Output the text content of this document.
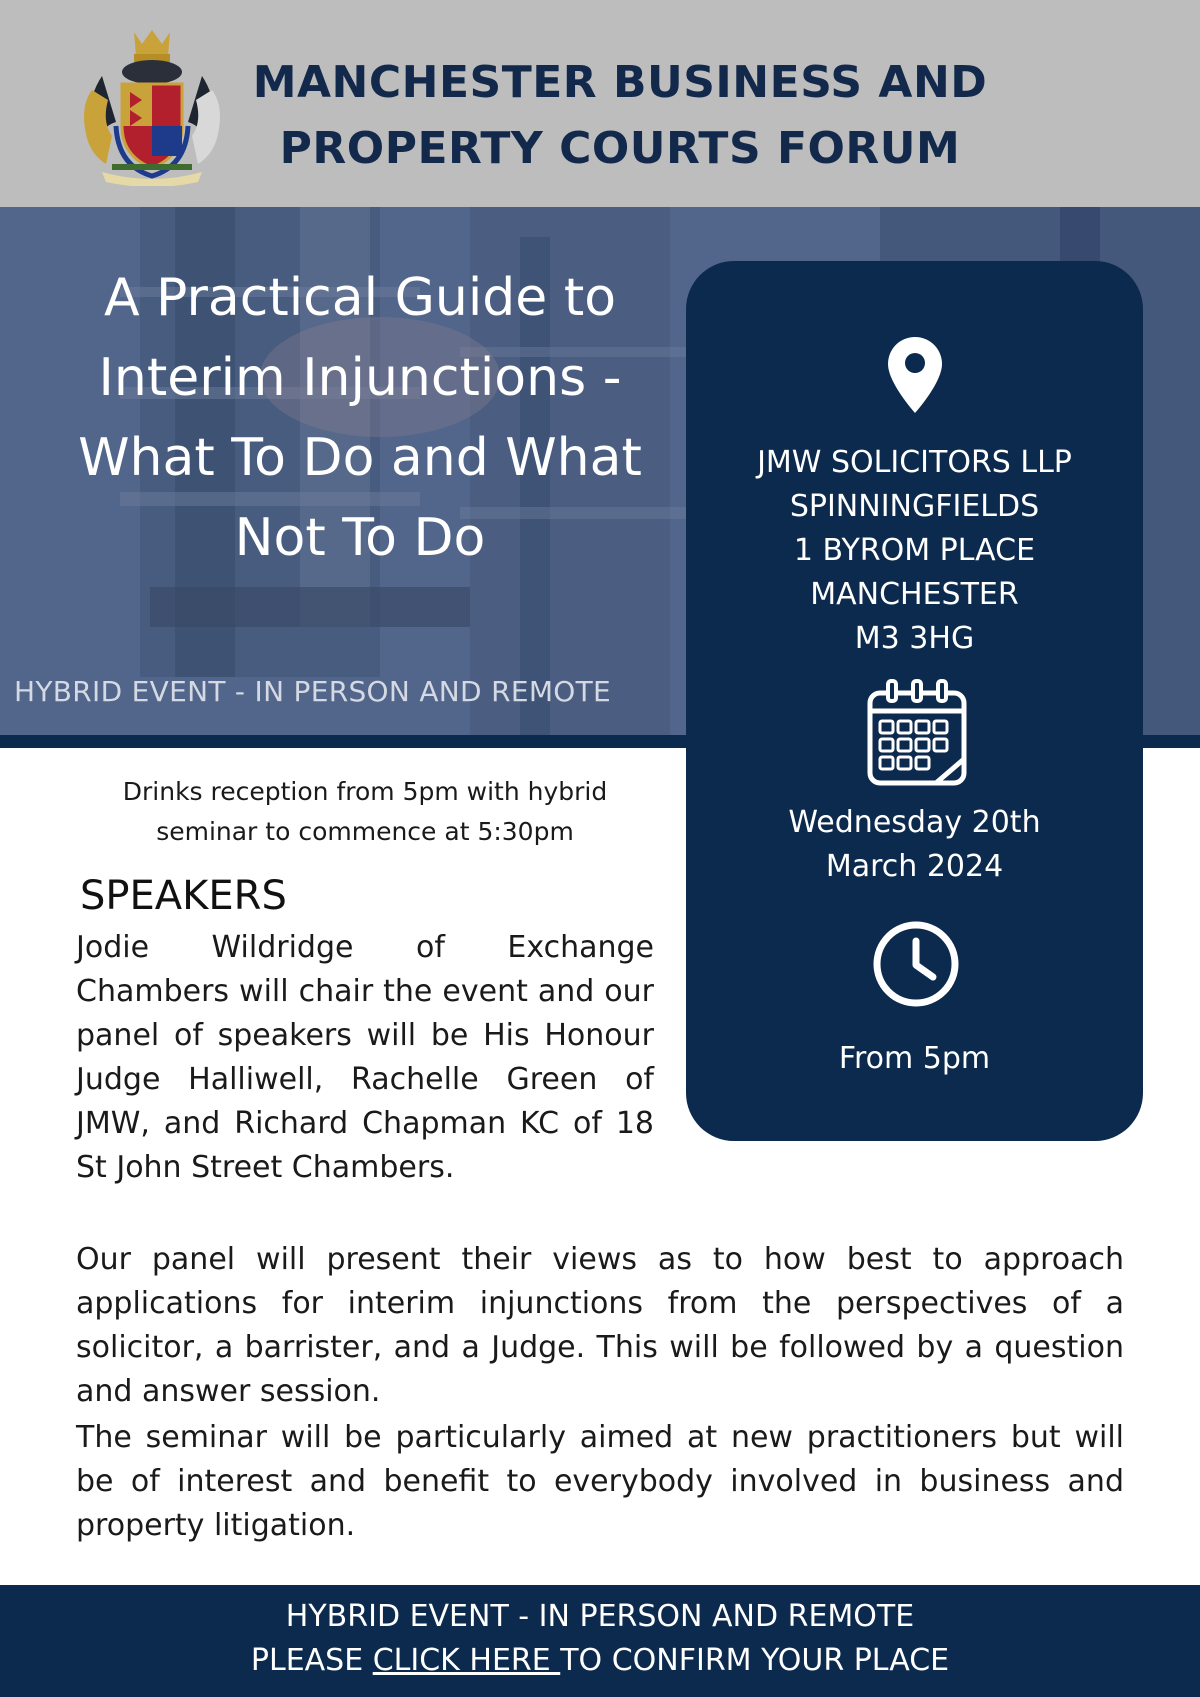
MANCHESTER BUSINESS AND
PROPERTY COURTS FORUM
A Practical Guide to
Interim Injunctions -
What To Do and What
Not To Do
HYBRID EVENT - IN PERSON AND REMOTE
JMW SOLICITORS LLP
SPINNINGFIELDS
1 BYROM PLACE
MANCHESTER
M3 3HG
Wednesday 20th
March 2024
From 5pm
Drinks reception from 5pm with hybrid
seminar to commence at 5:30pm
SPEAKERS

Jodie Wildridge of Exchange Chambers will chair the event and our panel of speakers will be His Honour Judge Halliwell, Rachelle Green of JMW, and Richard Chapman KC of 18 St John Street Chambers.

Our panel will present their views as to how best to approach applications for interim injunctions from the perspectives of a solicitor, a barrister, and a Judge. This will be followed by a question and answer session.

The seminar will be particularly aimed at new practitioners but will be of interest and benefit to everybody involved in business and property litigation.

HYBRID EVENT - IN PERSON AND REMOTE
PLEASE CLICK HERE TO CONFIRM YOUR PLACE
